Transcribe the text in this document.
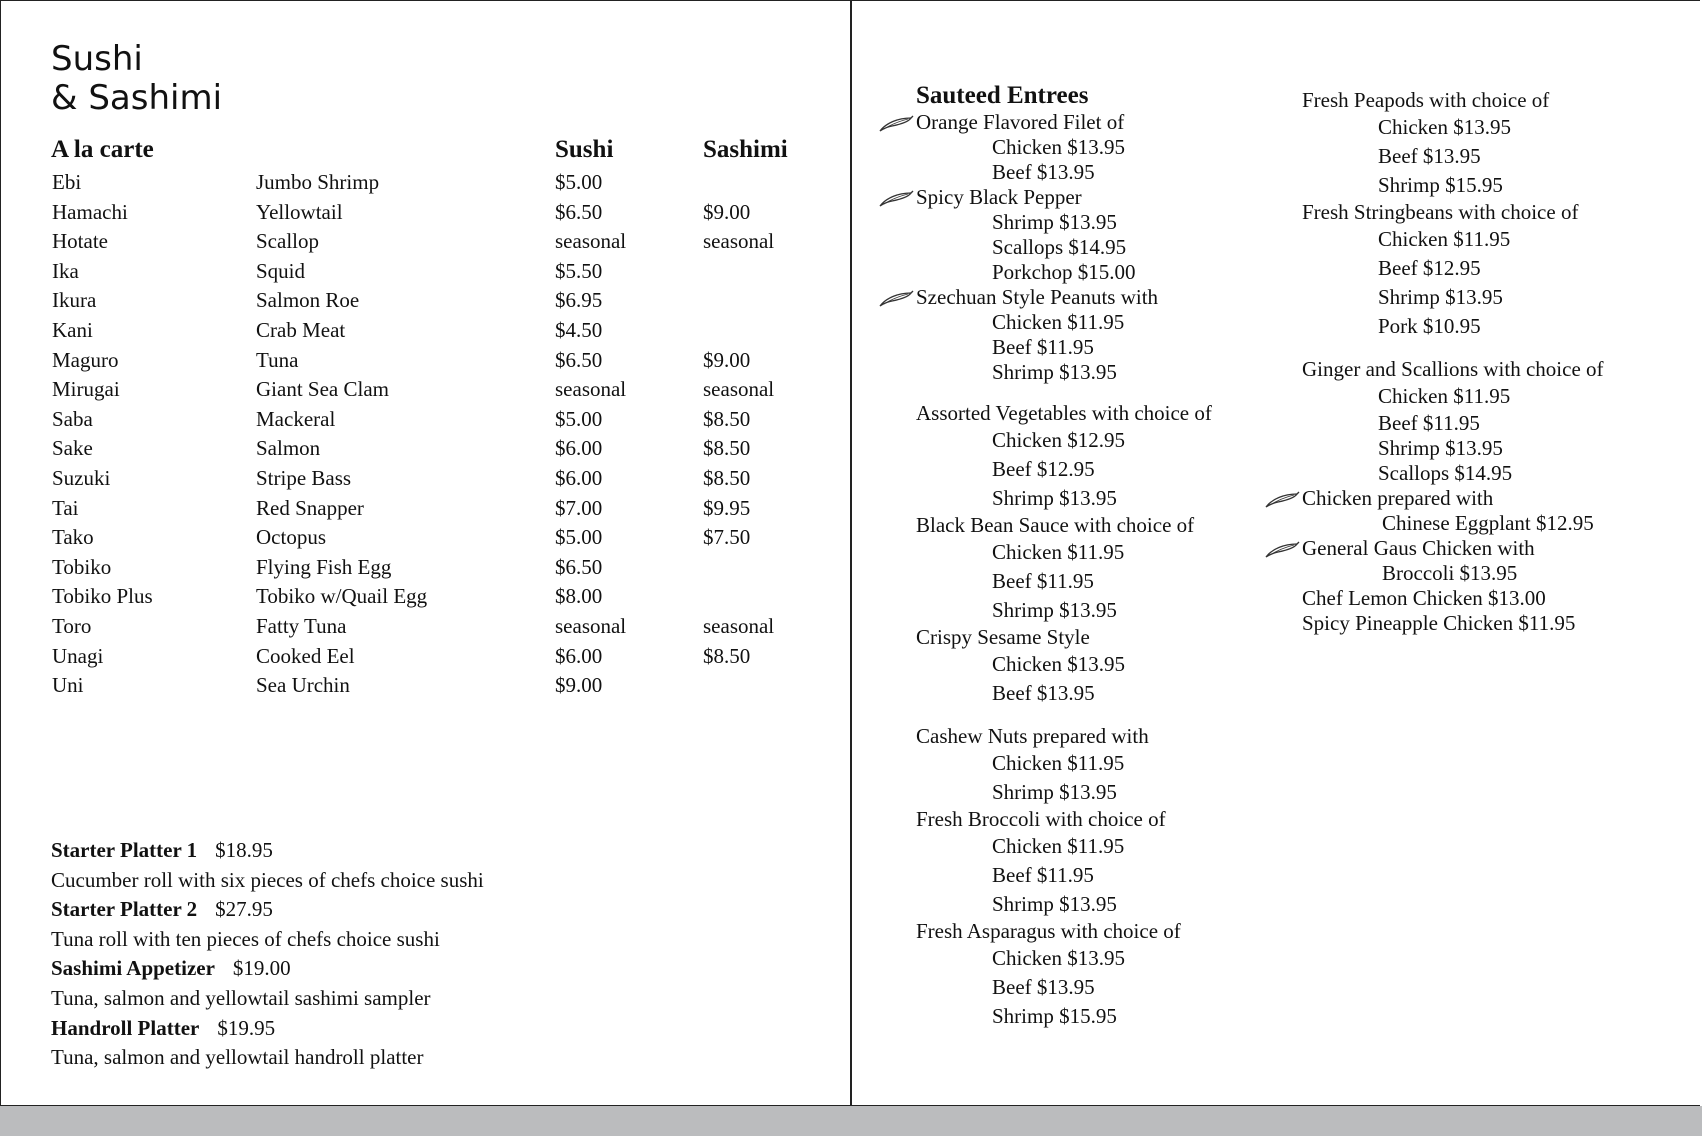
Sushi
& Sashimi
A la carte	Sushi	Sashimi
Ebi	Jumbo Shrimp	$5.00
Hamachi	Yellowtail	$6.50	$9.00
Hotate	Scallop	seasonal	seasonal
Ika	Squid	$5.50
Ikura	Salmon Roe	$6.95
Kani	Crab Meat	$4.50
Maguro	Tuna	$6.50	$9.00
Mirugai	Giant Sea Clam	seasonal	seasonal
Saba	Mackeral	$5.00	$8.50
Sake	Salmon	$6.00	$8.50
Suzuki	Stripe Bass	$6.00	$8.50
Tai	Red Snapper	$7.00	$9.95
Tako	Octopus	$5.00	$7.50
Tobiko	Flying Fish Egg	$6.50
Tobiko Plus	Tobiko w/Quail Egg	$8.00
Toro	Fatty Tuna	seasonal	seasonal
Unagi	Cooked Eel	$6.00	$8.50
Uni	Sea Urchin	$9.00
Starter Platter 1 $18.95
Cucumber roll with six pieces of chefs choice sushi
Starter Platter 2 $27.95
Tuna roll with ten pieces of chefs choice sushi
Sashimi Appetizer $19.00
Tuna, salmon and yellowtail sashimi sampler
Handroll Platter $19.95
Tuna, salmon and yellowtail handroll platter
Sauteed Entrees
Orange Flavored Filet of
Chicken $13.95
Beef $13.95
Spicy Black Pepper
Shrimp $13.95
Scallops $14.95
Porkchop $15.00
Szechuan Style Peanuts with
Chicken $11.95
Beef $11.95
Shrimp $13.95
Assorted Vegetables with choice of
Chicken $12.95
Beef $12.95
Shrimp $13.95
Black Bean Sauce with choice of
Chicken $11.95
Beef $11.95
Shrimp $13.95
Crispy Sesame Style
Chicken $13.95
Beef $13.95
Cashew Nuts prepared with
Chicken $11.95
Shrimp $13.95
Fresh Broccoli with choice of
Chicken $11.95
Beef $11.95
Shrimp $13.95
Fresh Asparagus with choice of
Chicken $13.95
Beef $13.95
Shrimp $15.95
Fresh Peapods with choice of
Chicken $13.95
Beef $13.95
Shrimp $15.95
Fresh Stringbeans with choice of
Chicken $11.95
Beef $12.95
Shrimp $13.95
Pork $10.95
Ginger and Scallions with choice of
Chicken $11.95
Beef $11.95
Shrimp $13.95
Scallops $14.95
Chicken prepared with
Chinese Eggplant $12.95
General Gaus Chicken with
Broccoli $13.95
Chef Lemon Chicken $13.00
Spicy Pineapple Chicken $11.95
